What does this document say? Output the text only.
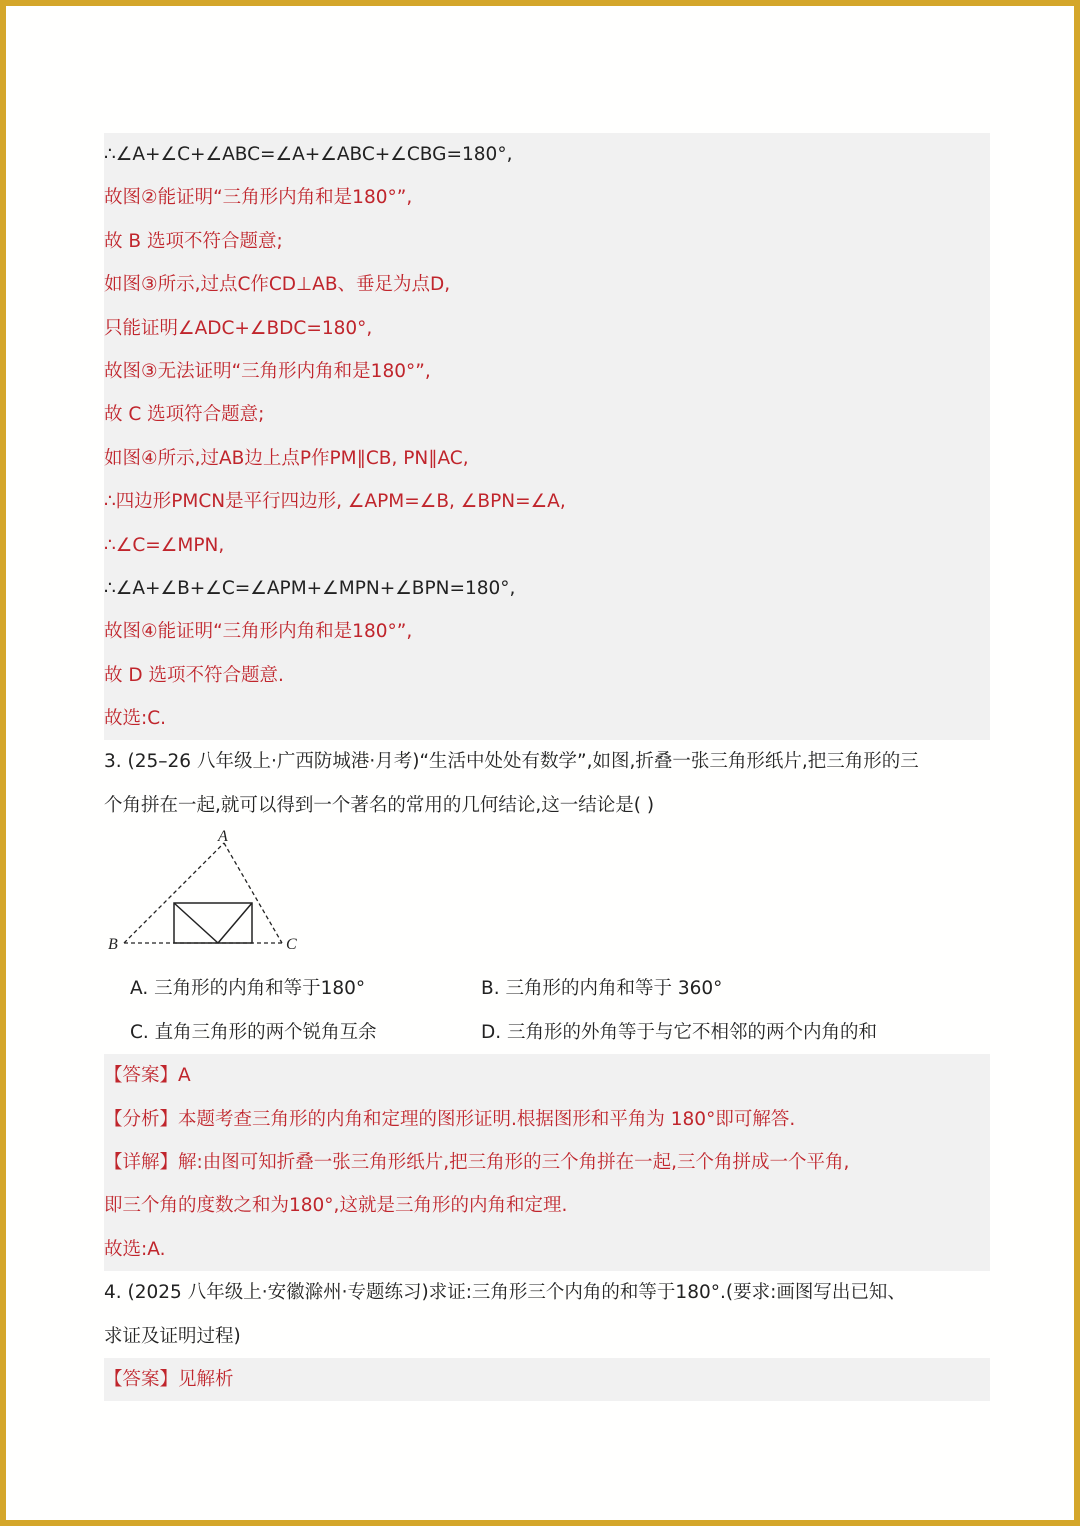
∴∠A+∠C+∠ABC=∠A+∠ABC+∠CBG=180°,
故图②能证明“三角形内角和是180°”,
故 B 选项不符合题意;
如图③所示,过点C作CD⊥AB、垂足为点D,
只能证明∠ADC+∠BDC=180°,
故图③无法证明“三角形内角和是180°”,
故 C 选项符合题意;
如图④所示,过AB边上点P作PM∥CB, PN∥AC,
∴四边形PMCN是平行四边形, ∠APM=∠B, ∠BPN=∠A,
∴∠C=∠MPN,
∴∠A+∠B+∠C=∠APM+∠MPN+∠BPN=180°,
故图④能证明“三角形内角和是180°”,
故 D 选项不符合题意.
故选:C.
3. (25–26 八年级上·广西防城港·月考)“生活中处处有数学”,如图,折叠一张三角形纸片,把三角形的三
个角拼在一起,就可以得到一个著名的常用的几何结论,这一结论是( )
A
B	C
A. 三角形的内角和等于180°	B. 三角形的内角和等于 360°
C. 直角三角形的两个锐角互余	D. 三角形的外角等于与它不相邻的两个内角的和
【答案】A
【分析】本题考查三角形的内角和定理的图形证明.根据图形和平角为 180°即可解答.
【详解】解:由图可知折叠一张三角形纸片,把三角形的三个角拼在一起,三个角拼成一个平角,
即三个角的度数之和为180°,这就是三角形的内角和定理.
故选:A.
4. (2025 八年级上·安徽滁州·专题练习)求证:三角形三个内角的和等于180°.(要求:画图写出已知、
求证及证明过程)
【答案】见解析
